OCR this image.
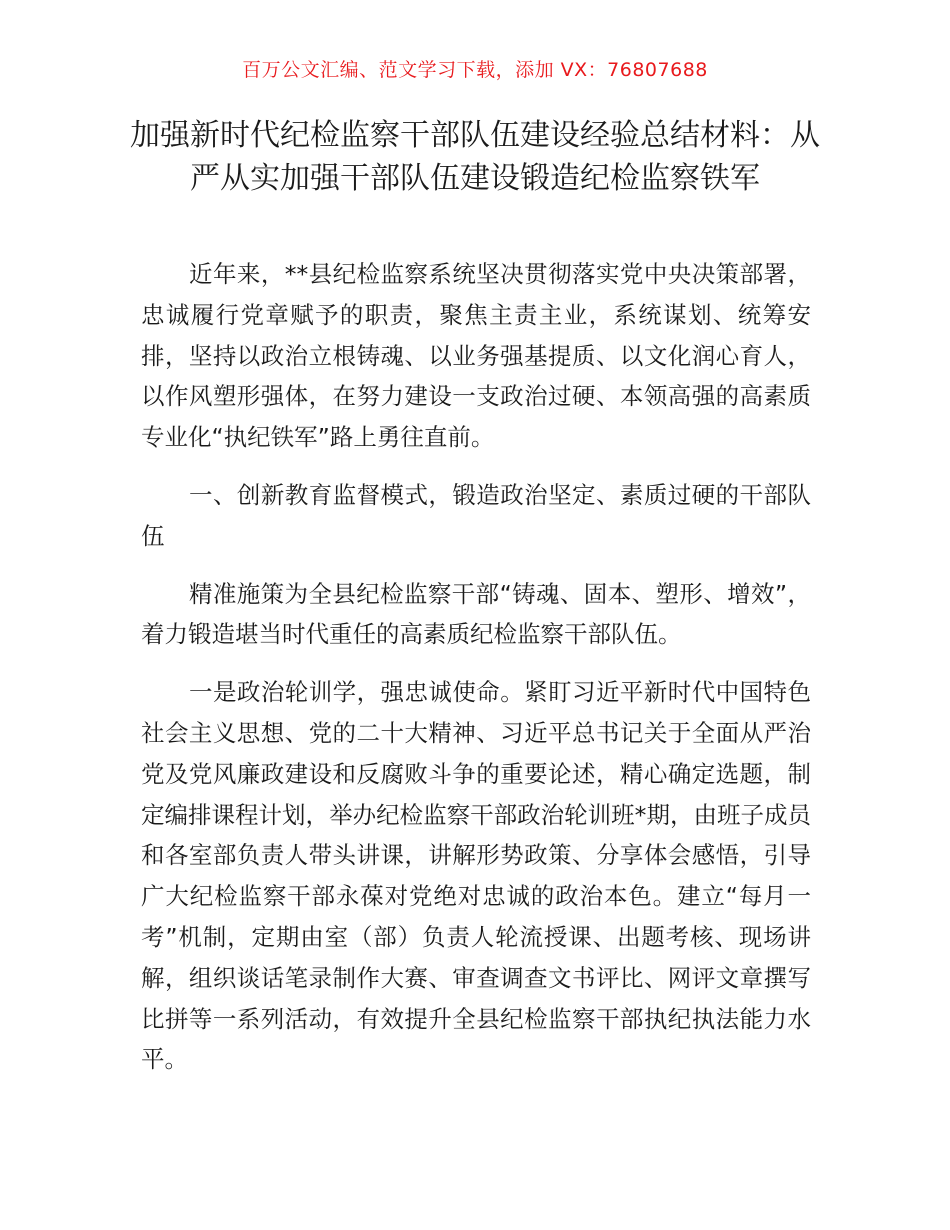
百万公文汇编、范文学习下载，添加 VX：76807688
加强新时代纪检监察干部队伍建设经验总结材料：从严从实加强干部队伍建设锻造纪检监察铁军

近年来，**县纪检监察系统坚决贯彻落实党中央决策部署，忠诚履行党章赋予的职责，聚焦主责主业，系统谋划、统筹安排，坚持以政治立根铸魂、以业务强基提质、以文化润心育人，以作风塑形强体，在努力建设一支政治过硬、本领高强的高素质专业化“执纪铁军”路上勇往直前。

一、创新教育监督模式，锻造政治坚定、素质过硬的干部队伍

精准施策为全县纪检监察干部“铸魂、固本、塑形、增效”，着力锻造堪当时代重任的高素质纪检监察干部队伍。

一是政治轮训学，强忠诚使命。紧盯习近平新时代中国特色社会主义思想、党的二十大精神、习近平总书记关于全面从严治党及党风廉政建设和反腐败斗争的重要论述，精心确定选题，制定编排课程计划，举办纪检监察干部政治轮训班*期，由班子成员和各室部负责人带头讲课，讲解形势政策、分享体会感悟，引导广大纪检监察干部永葆对党绝对忠诚的政治本色。建立“每月一考”机制，定期由室（部）负责人轮流授课、出题考核、现场讲解，组织谈话笔录制作大赛、审查调查文书评比、网评文章撰写比拼等一系列活动，有效提升全县纪检监察干部执纪执法能力水平。
